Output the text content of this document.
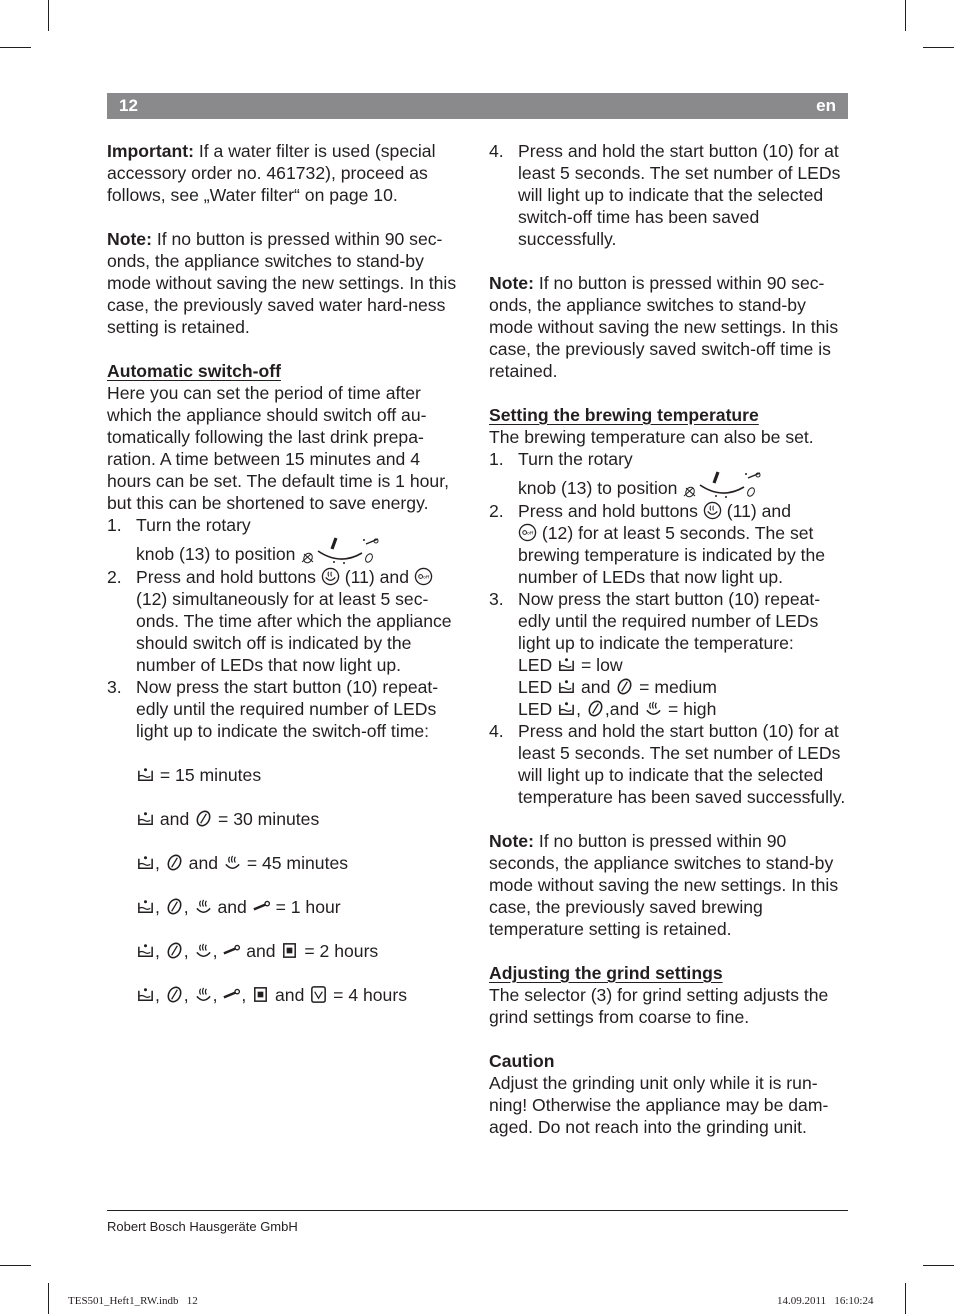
12	en

Important: If a water filter is used (special accessory order no. 461732), proceed as follows, see „Water filter“ on page 10.

Note: If no button is pressed within 90 sec-onds, the appliance switches to stand-by mode without saving the new settings. In this case, the previously saved water hard-ness setting is retained.

Automatic switch-off

Here you can set the period of time after which the appliance should switch off au-tomatically following the last drink prepa-ration. A time between 15 minutes and 4 hours can be set. The default time is 1 hour, but this can be shortened to save energy.

1. Turn the rotary
knob (13) to position
2. Press and hold buttons (11) and  (12) simultaneously for at least 5 sec-onds. The time after which the appliance should switch off is indicated by the number of LEDs that now light up.
3. Now press the start button (10) repeat-edly until the required number of LEDs light up to indicate the switch-off time:
= 15 minutes
and = 30 minutes
, and = 45 minutes
, , and = 1 hour
, , , and = 2 hours
, , , , and = 4 hours
4. Press and hold the start button (10) for at least 5 seconds. The set number of LEDs will light up to indicate that the selected switch-off time has been saved successfully.

Note: If no button is pressed within 90 sec-onds, the appliance switches to stand-by mode without saving the new settings. In this case, the previously saved switch-off time is retained.

Setting the brewing temperature

The brewing temperature can also be set.

1. Turn the rotary
knob (13) to position
2. Press and hold buttons (11) and
(12) for at least 5 seconds. The set brewing temperature is indicated by the number of LEDs that now light up.
3. Now press the start button (10) repeat-edly until the required number of LEDs light up to indicate the temperature:
LED = low
LED and = medium
LED , ,and = high
4. Press and hold the start button (10) for at least 5 seconds. The set number of LEDs will light up to indicate that the selected temperature has been saved successfully.

Note: If no button is pressed within 90 seconds, the appliance switches to stand-by mode without saving the new settings. In this case, the previously saved brewing temperature setting is retained.

Adjusting the grind settings

The selector (3) for grind setting adjusts the grind settings from coarse to fine.

Caution

Adjust the grinding unit only while it is run-ning! Otherwise the appliance may be dam-aged. Do not reach into the grinding unit.

Robert Bosch Hausgeräte GmbH
TES501_Heft1_RW.indb   12	14.09.2011   16:10:24
